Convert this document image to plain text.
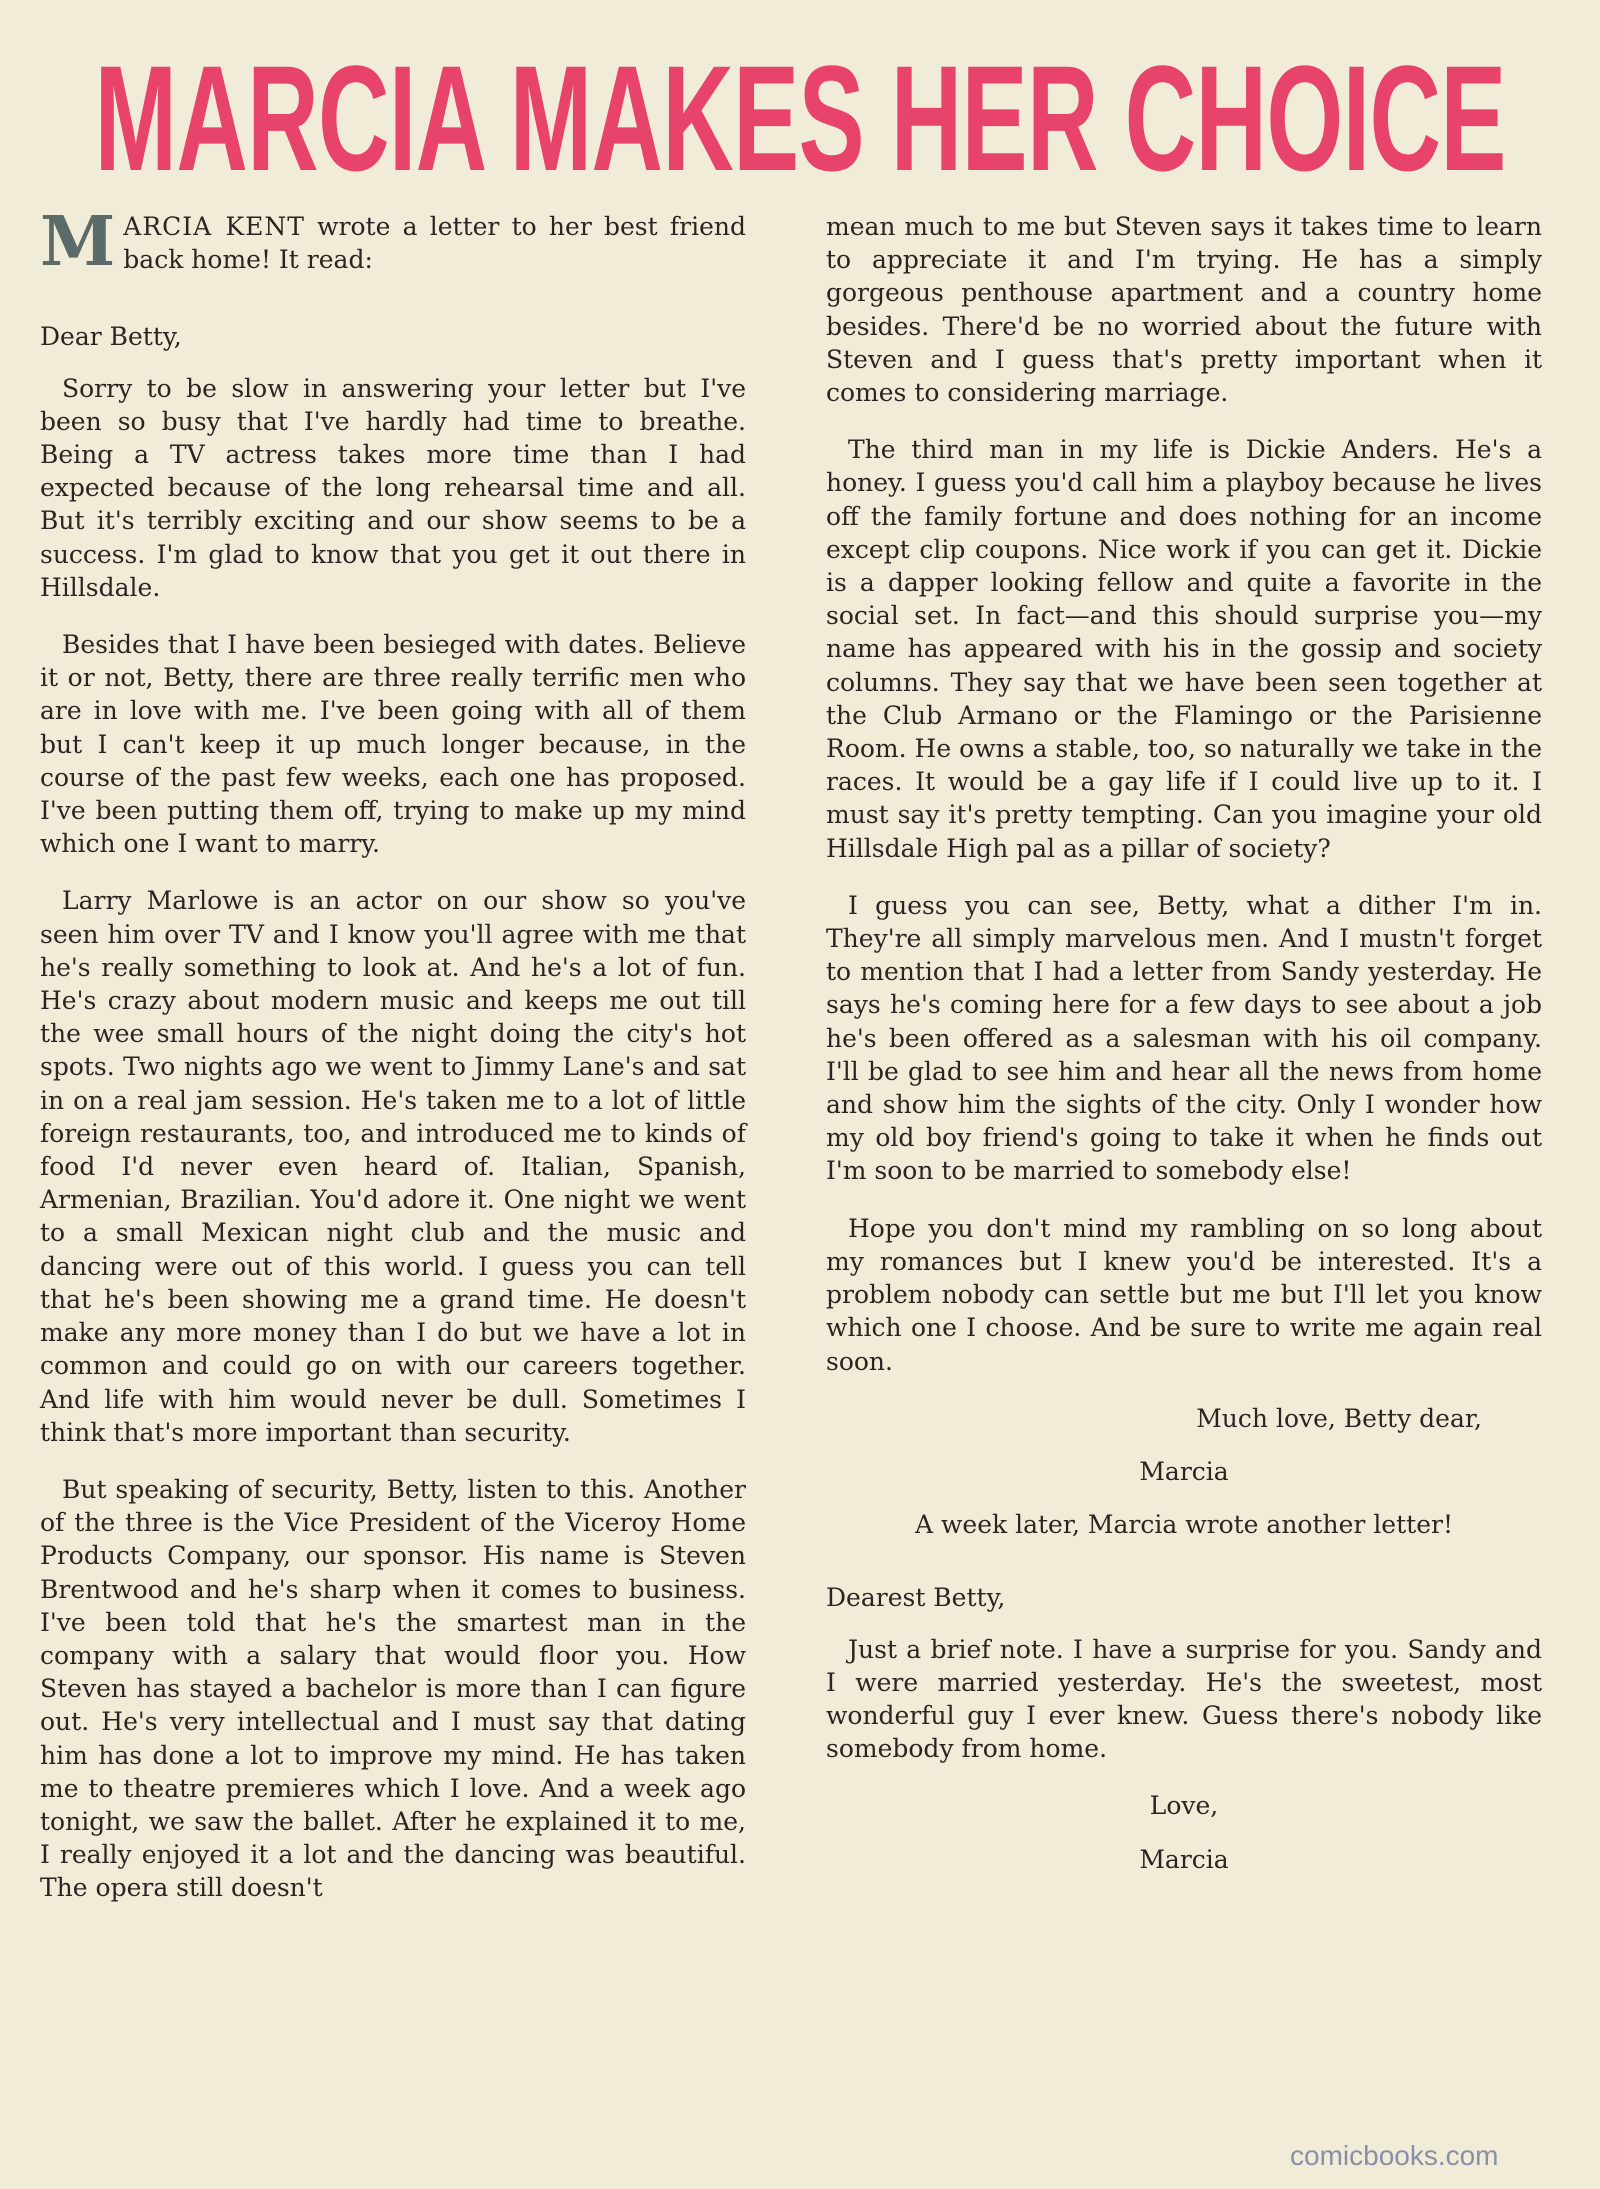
MARCIA MAKES HER CHOICE

MARCIA KENT wrote a letter to her best friend back home! It read:

Dear Betty,

Sorry to be slow in answering your letter but I've been so busy that I've hardly had time to breathe. Being a TV actress takes more time than I had expected because of the long rehearsal time and all. But it's terribly exciting and our show seems to be a success. I'm glad to know that you get it out there in Hillsdale.

Besides that I have been besieged with dates. Believe it or not, Betty, there are three really terrific men who are in love with me. I've been going with all of them but I can't keep it up much longer because, in the course of the past few weeks, each one has proposed. I've been putting them off, trying to make up my mind which one I want to marry.

Larry Marlowe is an actor on our show so you've seen him over TV and I know you'll agree with me that he's really something to look at. And he's a lot of fun. He's crazy about modern music and keeps me out till the wee small hours of the night doing the city's hot spots. Two nights ago we went to Jimmy Lane's and sat in on a real jam session. He's taken me to a lot of little foreign restaurants, too, and introduced me to kinds of food I'd never even heard of. Italian, Spanish, Armenian, Brazilian. You'd adore it. One night we went to a small Mexican night club and the music and dancing were out of this world. I guess you can tell that he's been showing me a grand time. He doesn't make any more money than I do but we have a lot in common and could go on with our careers together. And life with him would never be dull. Sometimes I think that's more important than security.

But speaking of security, Betty, listen to this. Another of the three is the Vice President of the Viceroy Home Products Company, our sponsor. His name is Steven Brentwood and he's sharp when it comes to business. I've been told that he's the smartest man in the company with a salary that would floor you. How Steven has stayed a bachelor is more than I can figure out. He's very intellectual and I must say that dating him has done a lot to improve my mind. He has taken me to theatre premieres which I love. And a week ago tonight, we saw the ballet. After he explained it to me, I really enjoyed it a lot and the dancing was beautiful. The opera still doesn't

mean much to me but Steven says it takes time to learn to appreciate it and I'm trying. He has a simply gorgeous penthouse apartment and a country home besides. There'd be no worried about the future with Steven and I guess that's pretty important when it comes to considering marriage.

The third man in my life is Dickie Anders. He's a honey. I guess you'd call him a playboy because he lives off the family fortune and does nothing for an income except clip coupons. Nice work if you can get it. Dickie is a dapper looking fellow and quite a favorite in the social set. In fact—and this should surprise you—my name has appeared with his in the gossip and society columns. They say that we have been seen together at the Club Armano or the Flamingo or the Parisienne Room. He owns a stable, too, so naturally we take in the races. It would be a gay life if I could live up to it. I must say it's pretty tempting. Can you imagine your old Hillsdale High pal as a pillar of society?

I guess you can see, Betty, what a dither I'm in. They're all simply marvelous men. And I mustn't forget to mention that I had a letter from Sandy yesterday. He says he's coming here for a few days to see about a job he's been offered as a salesman with his oil company. I'll be glad to see him and hear all the news from home and show him the sights of the city. Only I wonder how my old boy friend's going to take it when he finds out I'm soon to be married to somebody else!

Hope you don't mind my rambling on so long about my romances but I knew you'd be interested. It's a problem nobody can settle but me but I'll let you know which one I choose. And be sure to write me again real soon.

Much love, Betty dear,

Marcia

A week later, Marcia wrote another letter!

Dearest Betty,

Just a brief note. I have a surprise for you. Sandy and I were married yesterday. He's the sweetest, most wonderful guy I ever knew. Guess there's nobody like somebody from home.

Love,

Marcia

comicbooks.com
